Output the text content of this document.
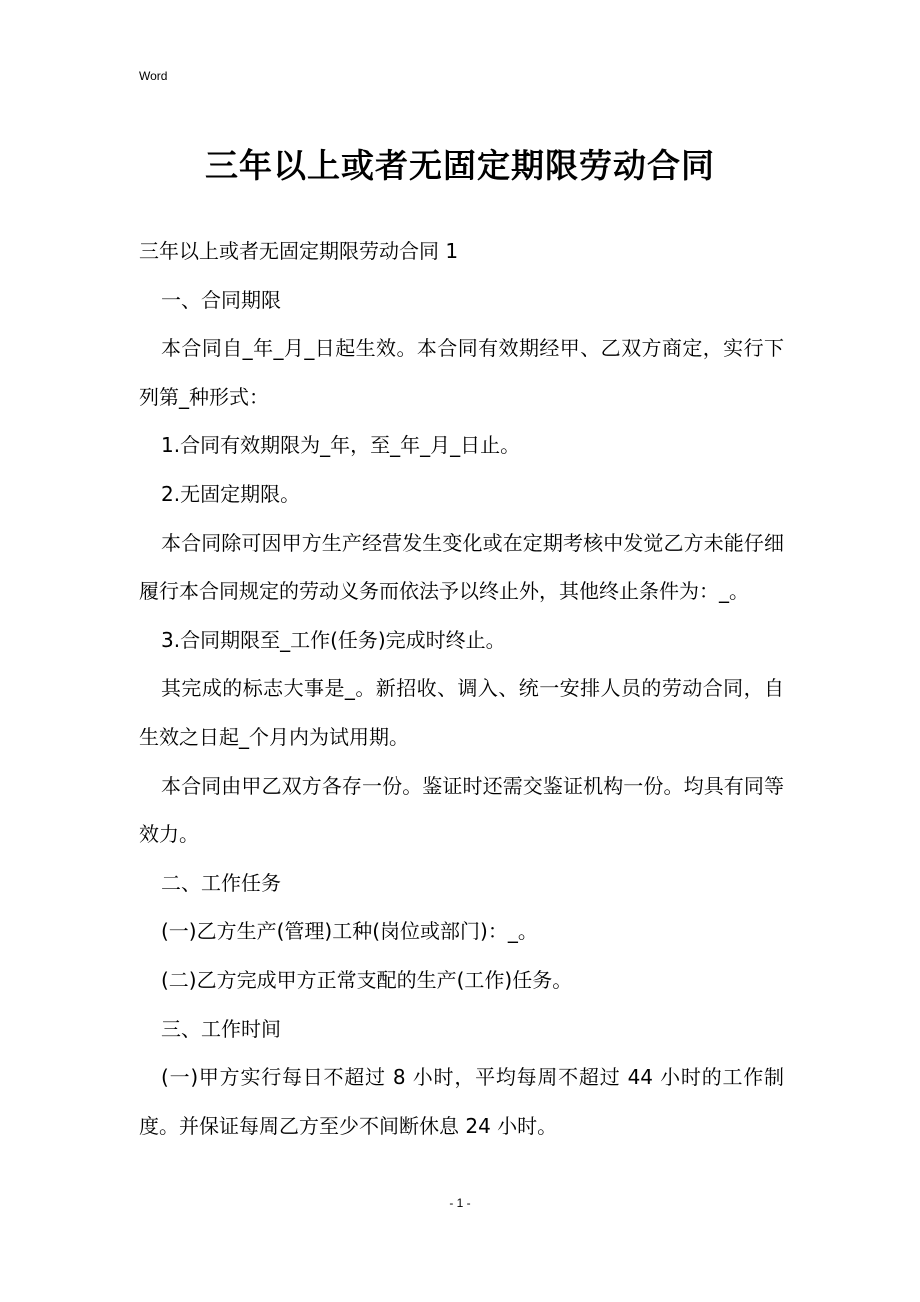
Word
三年以上或者无固定期限劳动合同

三年以上或者无固定期限劳动合同 1

一、合同期限

本合同自_年_月_日起生效。本合同有效期经甲、乙双方商定，实行下列第_种形式：

1.合同有效期限为_年，至_年_月_日止。

2.无固定期限。

本合同除可因甲方生产经营发生变化或在定期考核中发觉乙方未能仔细履行本合同规定的劳动义务而依法予以终止外，其他终止条件为：_。

3.合同期限至_工作(任务)完成时终止。

其完成的标志大事是_。新招收、调入、统一安排人员的劳动合同，自生效之日起_个月内为试用期。

本合同由甲乙双方各存一份。鉴证时还需交鉴证机构一份。均具有同等效力。

二、工作任务

(一)乙方生产(管理)工种(岗位或部门)：_。

(二)乙方完成甲方正常支配的生产(工作)任务。

三、工作时间

(一)甲方实行每日不超过 8 小时，平均每周不超过 44 小时的工作制度。并保证每周乙方至少不间断休息 24 小时。

- 1 -
